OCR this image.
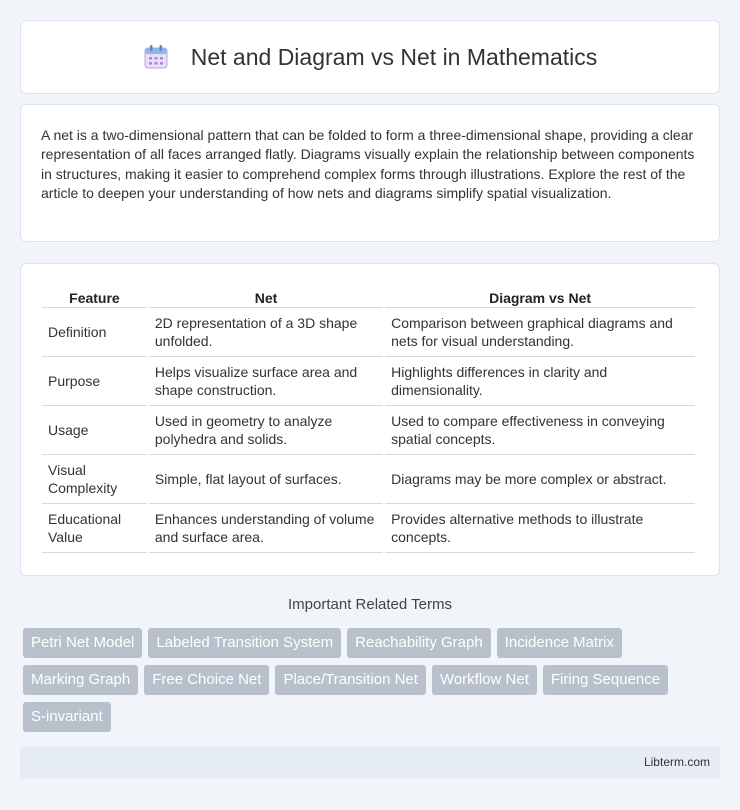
Net and Diagram vs Net in Mathematics

A net is a two-dimensional pattern that can be folded to form a three-dimensional shape, providing a clear representation of all faces arranged flatly. Diagrams visually explain the relationship between components in structures, making it easier to comprehend complex forms through illustrations. Explore the rest of the article to deepen your understanding of how nets and diagrams simplify spatial visualization.

Feature	Net	Diagram vs Net
Definition	2D representation of a 3D shape unfolded.	Comparison between graphical diagrams and nets for visual understanding.
Purpose	Helps visualize surface area and shape construction.	Highlights differences in clarity and dimensionality.
Usage	Used in geometry to analyze polyhedra and solids.	Used to compare effectiveness in conveying spatial concepts.
Visual Complexity	Simple, flat layout of surfaces.	Diagrams may be more complex or abstract.
Educational Value	Enhances understanding of volume and surface area.	Provides alternative methods to illustrate concepts.
Important Related Terms
Petri Net Model	Labeled Transition System	Reachability Graph	Incidence Matrix
Marking Graph	Free Choice Net	Place/Transition Net	Workflow Net	Firing Sequence
S-invariant
Libterm.com
